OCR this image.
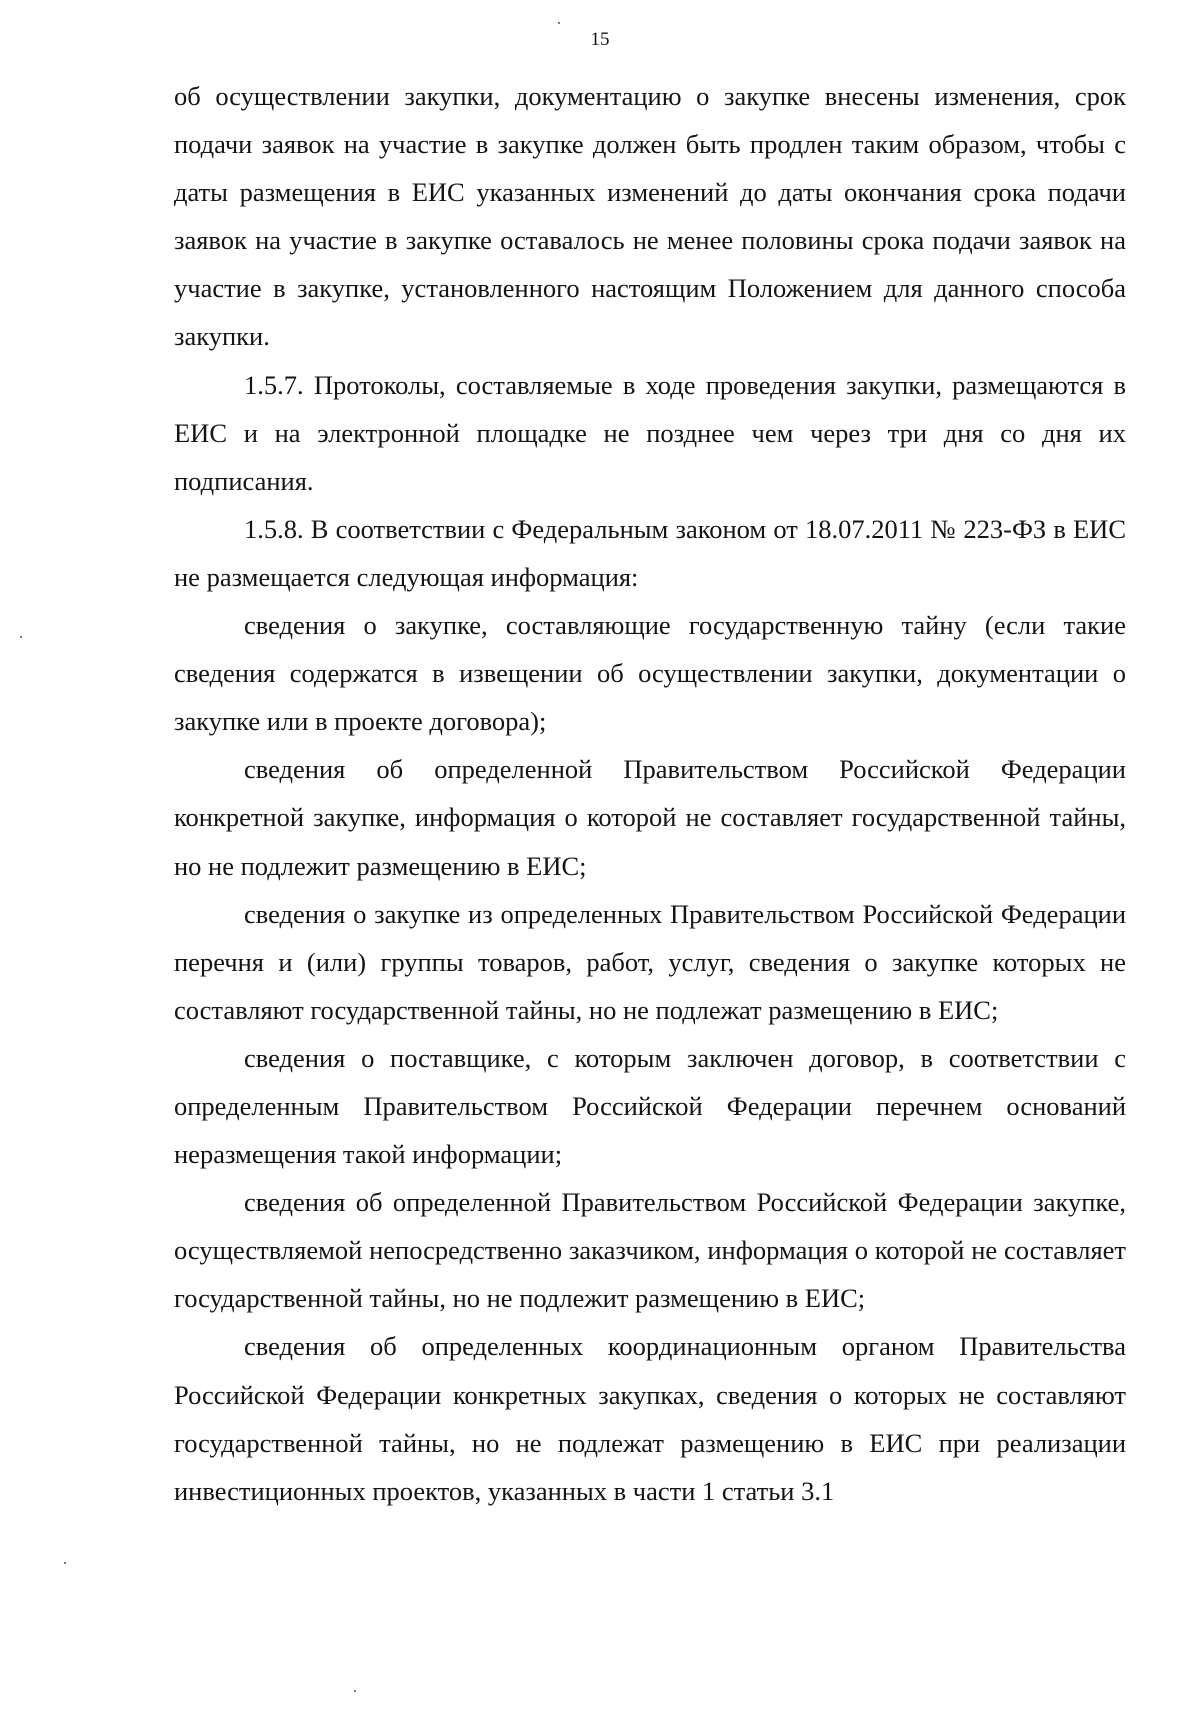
15

об осуществлении закупки, документацию о закупке внесены изменения, срок подачи заявок на участие в закупке должен быть продлен таким образом, чтобы с даты размещения в ЕИС указанных изменений до даты окончания срока подачи заявок на участие в закупке оставалось не менее половины срока подачи заявок на участие в закупке, установленного настоящим Положением для данного способа закупки.

1.5.7. Протоколы, составляемые в ходе проведения закупки, размещаются в ЕИС и на электронной площадке не позднее чем через три дня со дня их подписания.

1.5.8. В соответствии с Федеральным законом от 18.07.2011 № 223-ФЗ в ЕИС не размещается следующая информация:

сведения о закупке, составляющие государственную тайну (если такие сведения содержатся в извещении об осуществлении закупки, документации о закупке или в проекте договора);

сведения об определенной Правительством Российской Федерации конкретной закупке, информация о которой не составляет государственной тайны, но не подлежит размещению в ЕИС;

сведения о закупке из определенных Правительством Российской Федерации перечня и (или) группы товаров, работ, услуг, сведения о закупке которых не составляют государственной тайны, но не подлежат размещению в ЕИС;

сведения о поставщике, с которым заключен договор, в соответствии с определенным Правительством Российской Федерации перечнем оснований неразмещения такой информации;

сведения об определенной Правительством Российской Федерации закупке, осуществляемой непосредственно заказчиком, информация о которой не составляет государственной тайны, но не подлежит размещению в ЕИС;

сведения об определенных координационным органом Правительства Российской Федерации конкретных закупках, сведения о которых не составляют государственной тайны, но не подлежат размещению в ЕИС при реализации инвестиционных проектов, указанных в части 1 статьи 3.1
